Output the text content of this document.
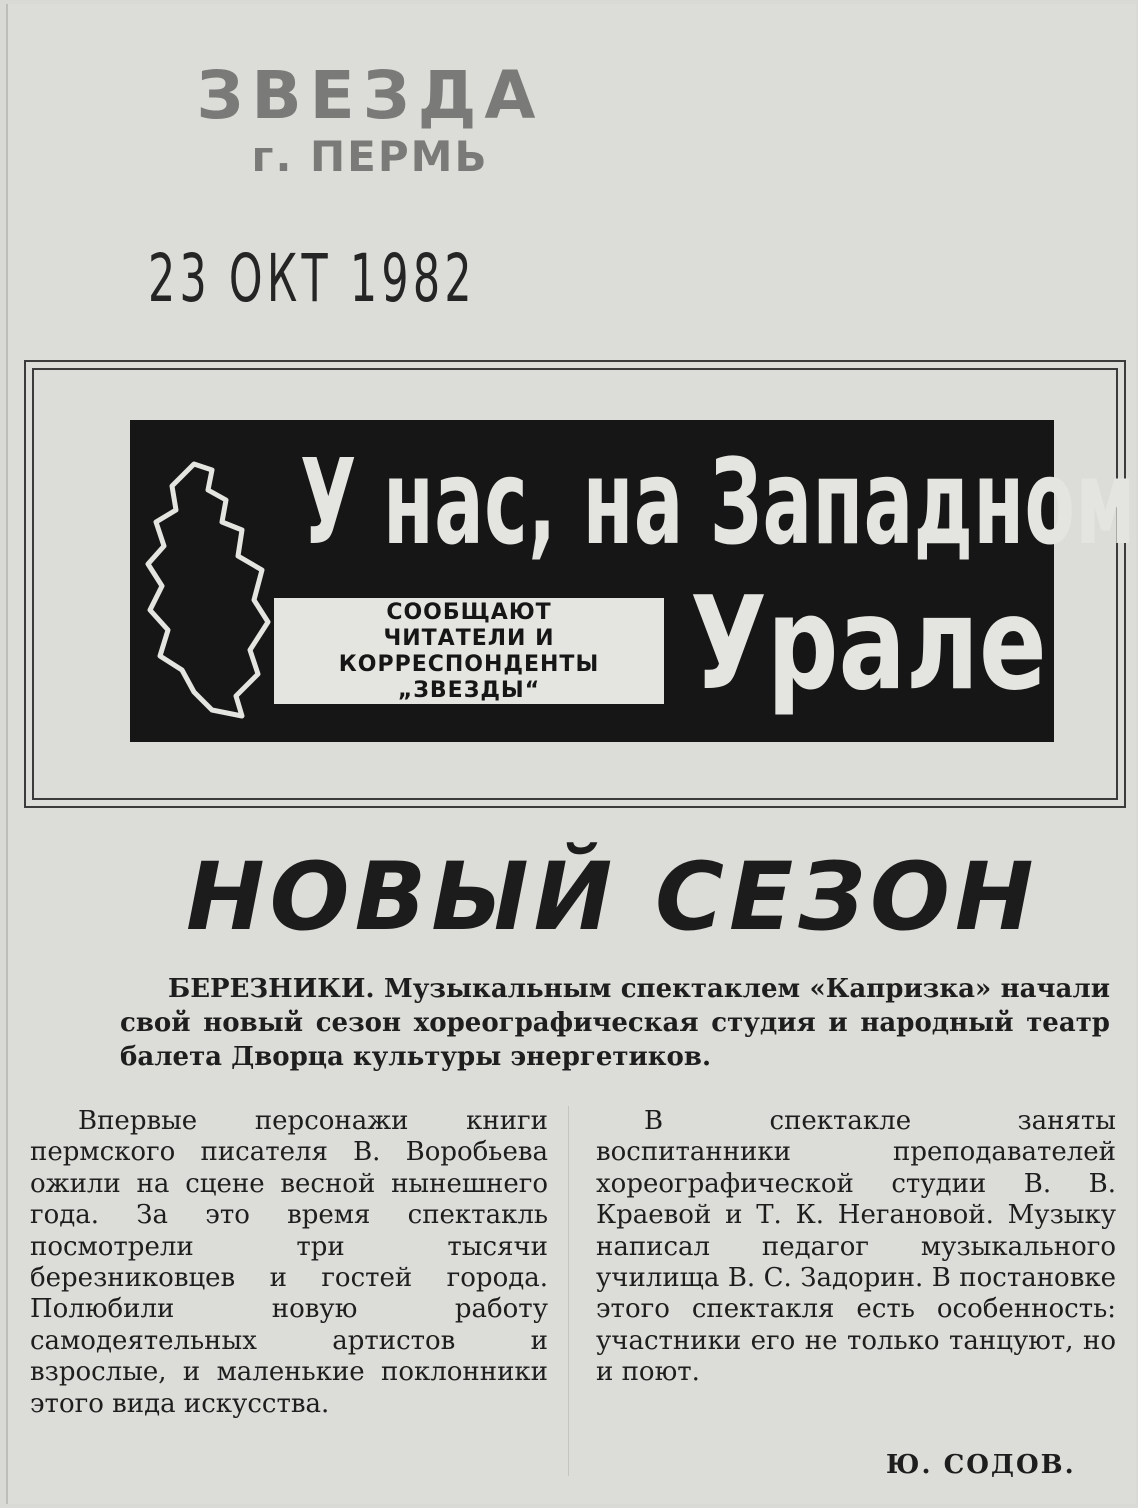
ЗВЕЗДА
г. ПЕРМЬ
23 ОКТ 1982
У нас, на Западном
Урале
СООБЩАЮТ
ЧИТАТЕЛИ И
КОРРЕСПОНДЕНТЫ
„ЗВЕЗДЫ“
НОВЫЙ СЕЗОН
БЕРЕЗНИКИ. Музыкальным спектаклем «Капризка» начали свой новый сезон хореографическая студия и народный театр балета Дворца культуры энергетиков.
Впервые персонажи книги пермского писателя В. Воробьева ожили на сцене весной нынешнего года. За это время спектакль посмотрели три тысячи березниковцев и гостей города. Полюбили новую работу самодеятельных артистов и взрослые, и маленькие поклонники этого вида искусства.
В спектакле заняты воспитанники преподавателей хореографической студии В. В. Краевой и Т. К. Негановой. Музыку написал педагог музыкального училища В. С. Задорин. В постановке этого спектакля есть особенность: участники его не только танцуют, но и поют.
Ю. СОДОВ.
